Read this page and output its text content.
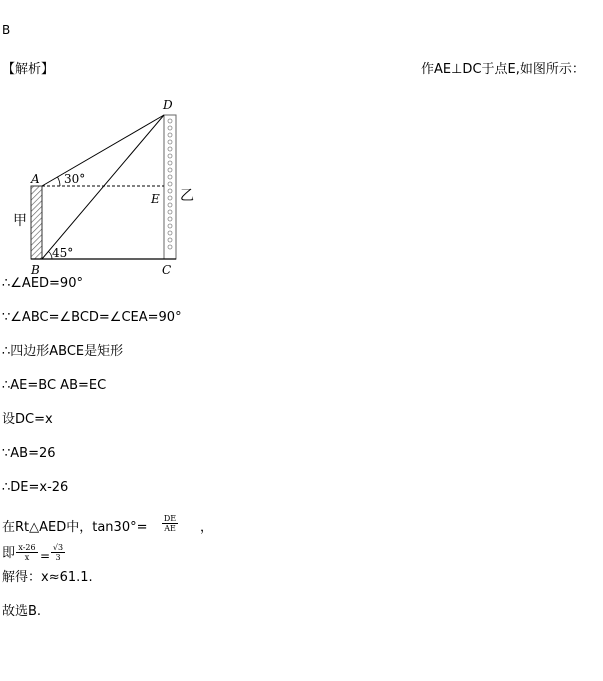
B
【解析】	作AE⊥DC于点E,如图所示：
D
A
E
B	C
30°
45°
甲
乙
∴∠AED=90°
∵∠ABC=∠BCD=∠CEA=90°
∴四边形ABCE是矩形
∴AE=BC AB=EC
设DC=x
∵AB=26
∴DE=x-26
在Rt△AED中，$\tan 30^\circ= \frac{DE}{AE}$ ，
即 $\frac{x-26}{x} = \frac{√3}{3}$
解得：x≈61.1.
故选B.
